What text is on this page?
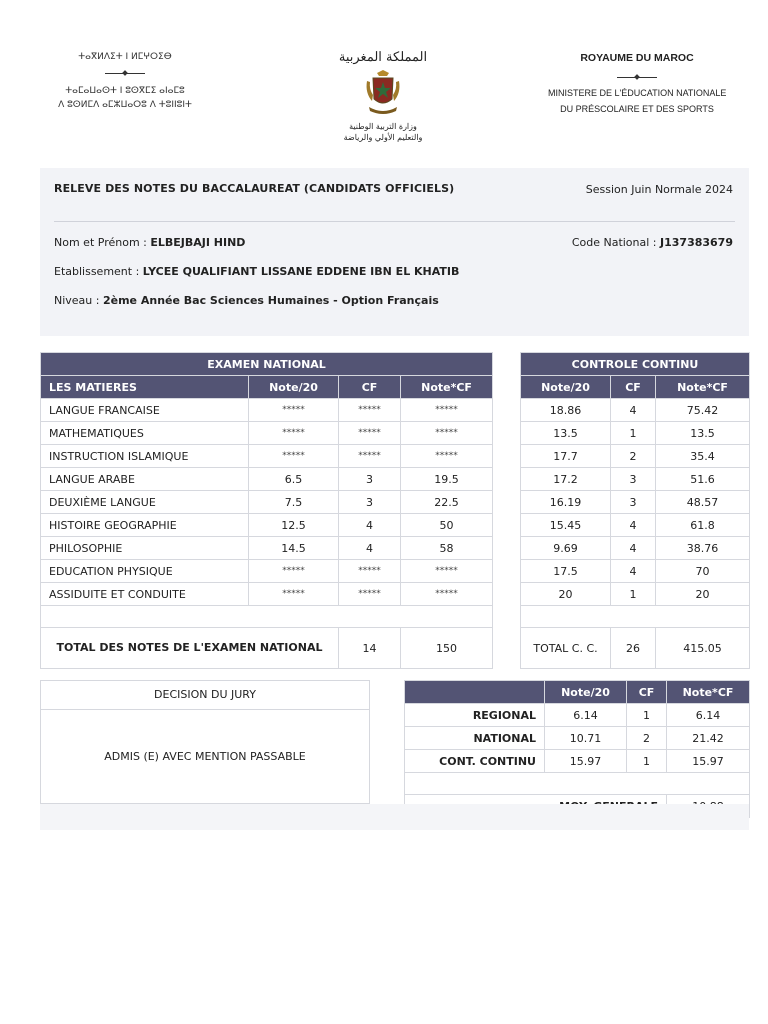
ⵜⴰⴳⵍⴷⵉⵜ ⵏ ⵍⵎⵖⵔⵉⴱ
ⵜⴰⵎⴰⵡⴰⵙⵜ ⵏ ⵓⵙⴳⵎⵉ ⴰⵏⴰⵎⵓ
ⴷ ⵓⵙⵍⵎⴷ ⴰⵎⵣⵡⴰⵔⵓ ⴷ ⵜⵓⵏⵏⵓⵏⵜ
المملكة المغربية
وزارة التربية الوطنية
والتعليم الأولي والرياضة
ROYAUME DU MAROC
MINISTERE DE L'ÉDUCATION NATIONALE
DU PRÉSCOLAIRE ET DES SPORTS
RELEVE DES NOTES DU BACCALAUREAT (CANDIDATS OFFICIELS)	Session Juin Normale 2024
Nom et Prénom : ELBEJBAJI HIND	Code National : J137383679
Etablissement : LYCEE QUALIFIANT LISSANE EDDENE IBN EL KHATIB
Niveau : 2ème Année Bac Sciences Humaines - Option Français
EXAMEN NATIONAL			
LES MATIERES	Note/20	CF	Note*CF
LANGUE FRANCAISE	*****	*****	*****
MATHEMATIQUES	*****	*****	*****
INSTRUCTION ISLAMIQUE	*****	*****	*****
LANGUE ARABE	6.5	3	19.5
DEUXIÈME LANGUE	7.5	3	22.5
HISTOIRE GEOGRAPHIE	12.5	4	50
PHILOSOPHIE	14.5	4	58
EDUCATION PHYSIQUE	*****	*****	*****
ASSIDUITE ET CONDUITE	*****	*****	*****

TOTAL DES NOTES DE L'EXAMEN NATIONAL		14	150
CONTROLE CONTINU		
Note/20	CF	Note*CF
18.86	4	75.42
13.5	1	13.5
17.7	2	35.4
17.2	3	51.6
16.19	3	48.57
15.45	4	61.8
9.69	4	38.76
17.5	4	70
20	1	20

TOTAL C. C.	26	415.05
DECISION DU JURY
ADMIS (E) AVEC MENTION PASSABLE
	Note/20	CF	Note*CF
REGIONAL	6.14	1	6.14
NATIONAL	10.71	2	21.42
CONT. CONTINU	15.97	1	15.97
